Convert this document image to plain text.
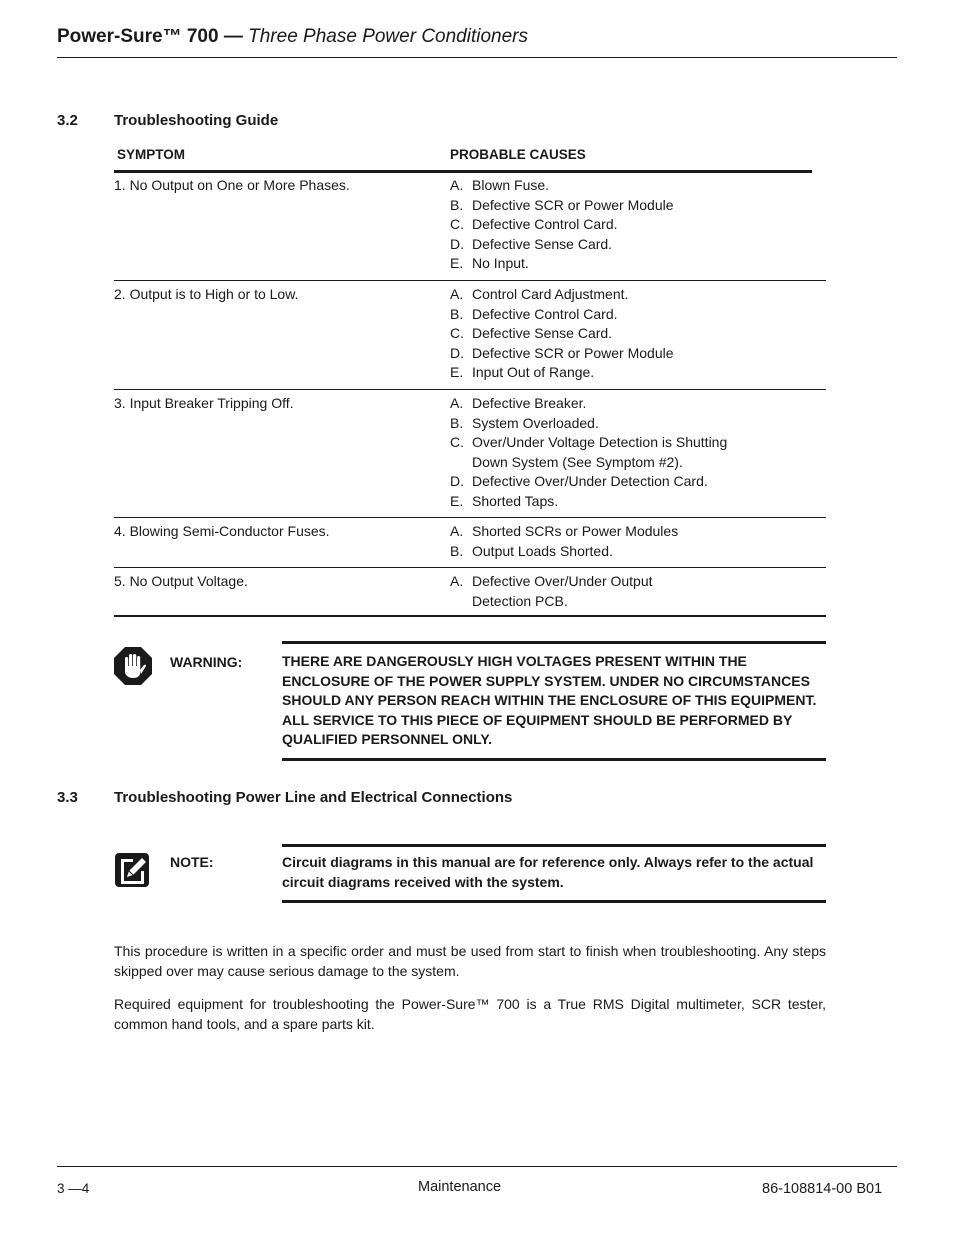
Power-Sure™ 700 — Three Phase Power Conditioners
3.2 Troubleshooting Guide
SYMPTOM	PROBABLE CAUSES
1. No Output on One or More Phases.	A. Blown Fuse.
B. Defective SCR or Power Module
C. Defective Control Card.
D. Defective Sense Card.
E. No Input.
2. Output is to High or to Low.	A. Control Card Adjustment.
B. Defective Control Card.
C. Defective Sense Card.
D. Defective SCR or Power Module
E. Input Out of Range.
3. Input Breaker Tripping Off.	A. Defective Breaker.
B. System Overloaded.
C. Over/Under Voltage Detection is Shutting
Down System (See Symptom #2).
D. Defective Over/Under Detection Card.
E. Shorted Taps.
4. Blowing Semi-Conductor Fuses.	A. Shorted SCRs or Power Modules
B. Output Loads Shorted.
5. No Output Voltage.	A. Defective Over/Under Output
Detection PCB.
WARNING:	THERE ARE DANGEROUSLY HIGH VOLTAGES PRESENT WITHIN THE
ENCLOSURE OF THE POWER SUPPLY SYSTEM. UNDER NO CIRCUMSTANCES
SHOULD ANY PERSON REACH WITHIN THE ENCLOSURE OF THIS EQUIPMENT.
ALL SERVICE TO THIS PIECE OF EQUIPMENT SHOULD BE PERFORMED BY
QUALIFIED PERSONNEL ONLY.
3.3 Troubleshooting Power Line and Electrical Connections
NOTE:	Circuit diagrams in this manual are for reference only. Always refer to the actual
circuit diagrams received with the system.
This procedure is written in a specific order and must be used from start to finish when troubleshooting. Any steps skipped over may cause serious damage to the system.
Required equipment for troubleshooting the Power-Sure™ 700 is a True RMS Digital multimeter, SCR tester, common hand tools, and a spare parts kit.
3 —4	Maintenance	86-108814-00 B01
